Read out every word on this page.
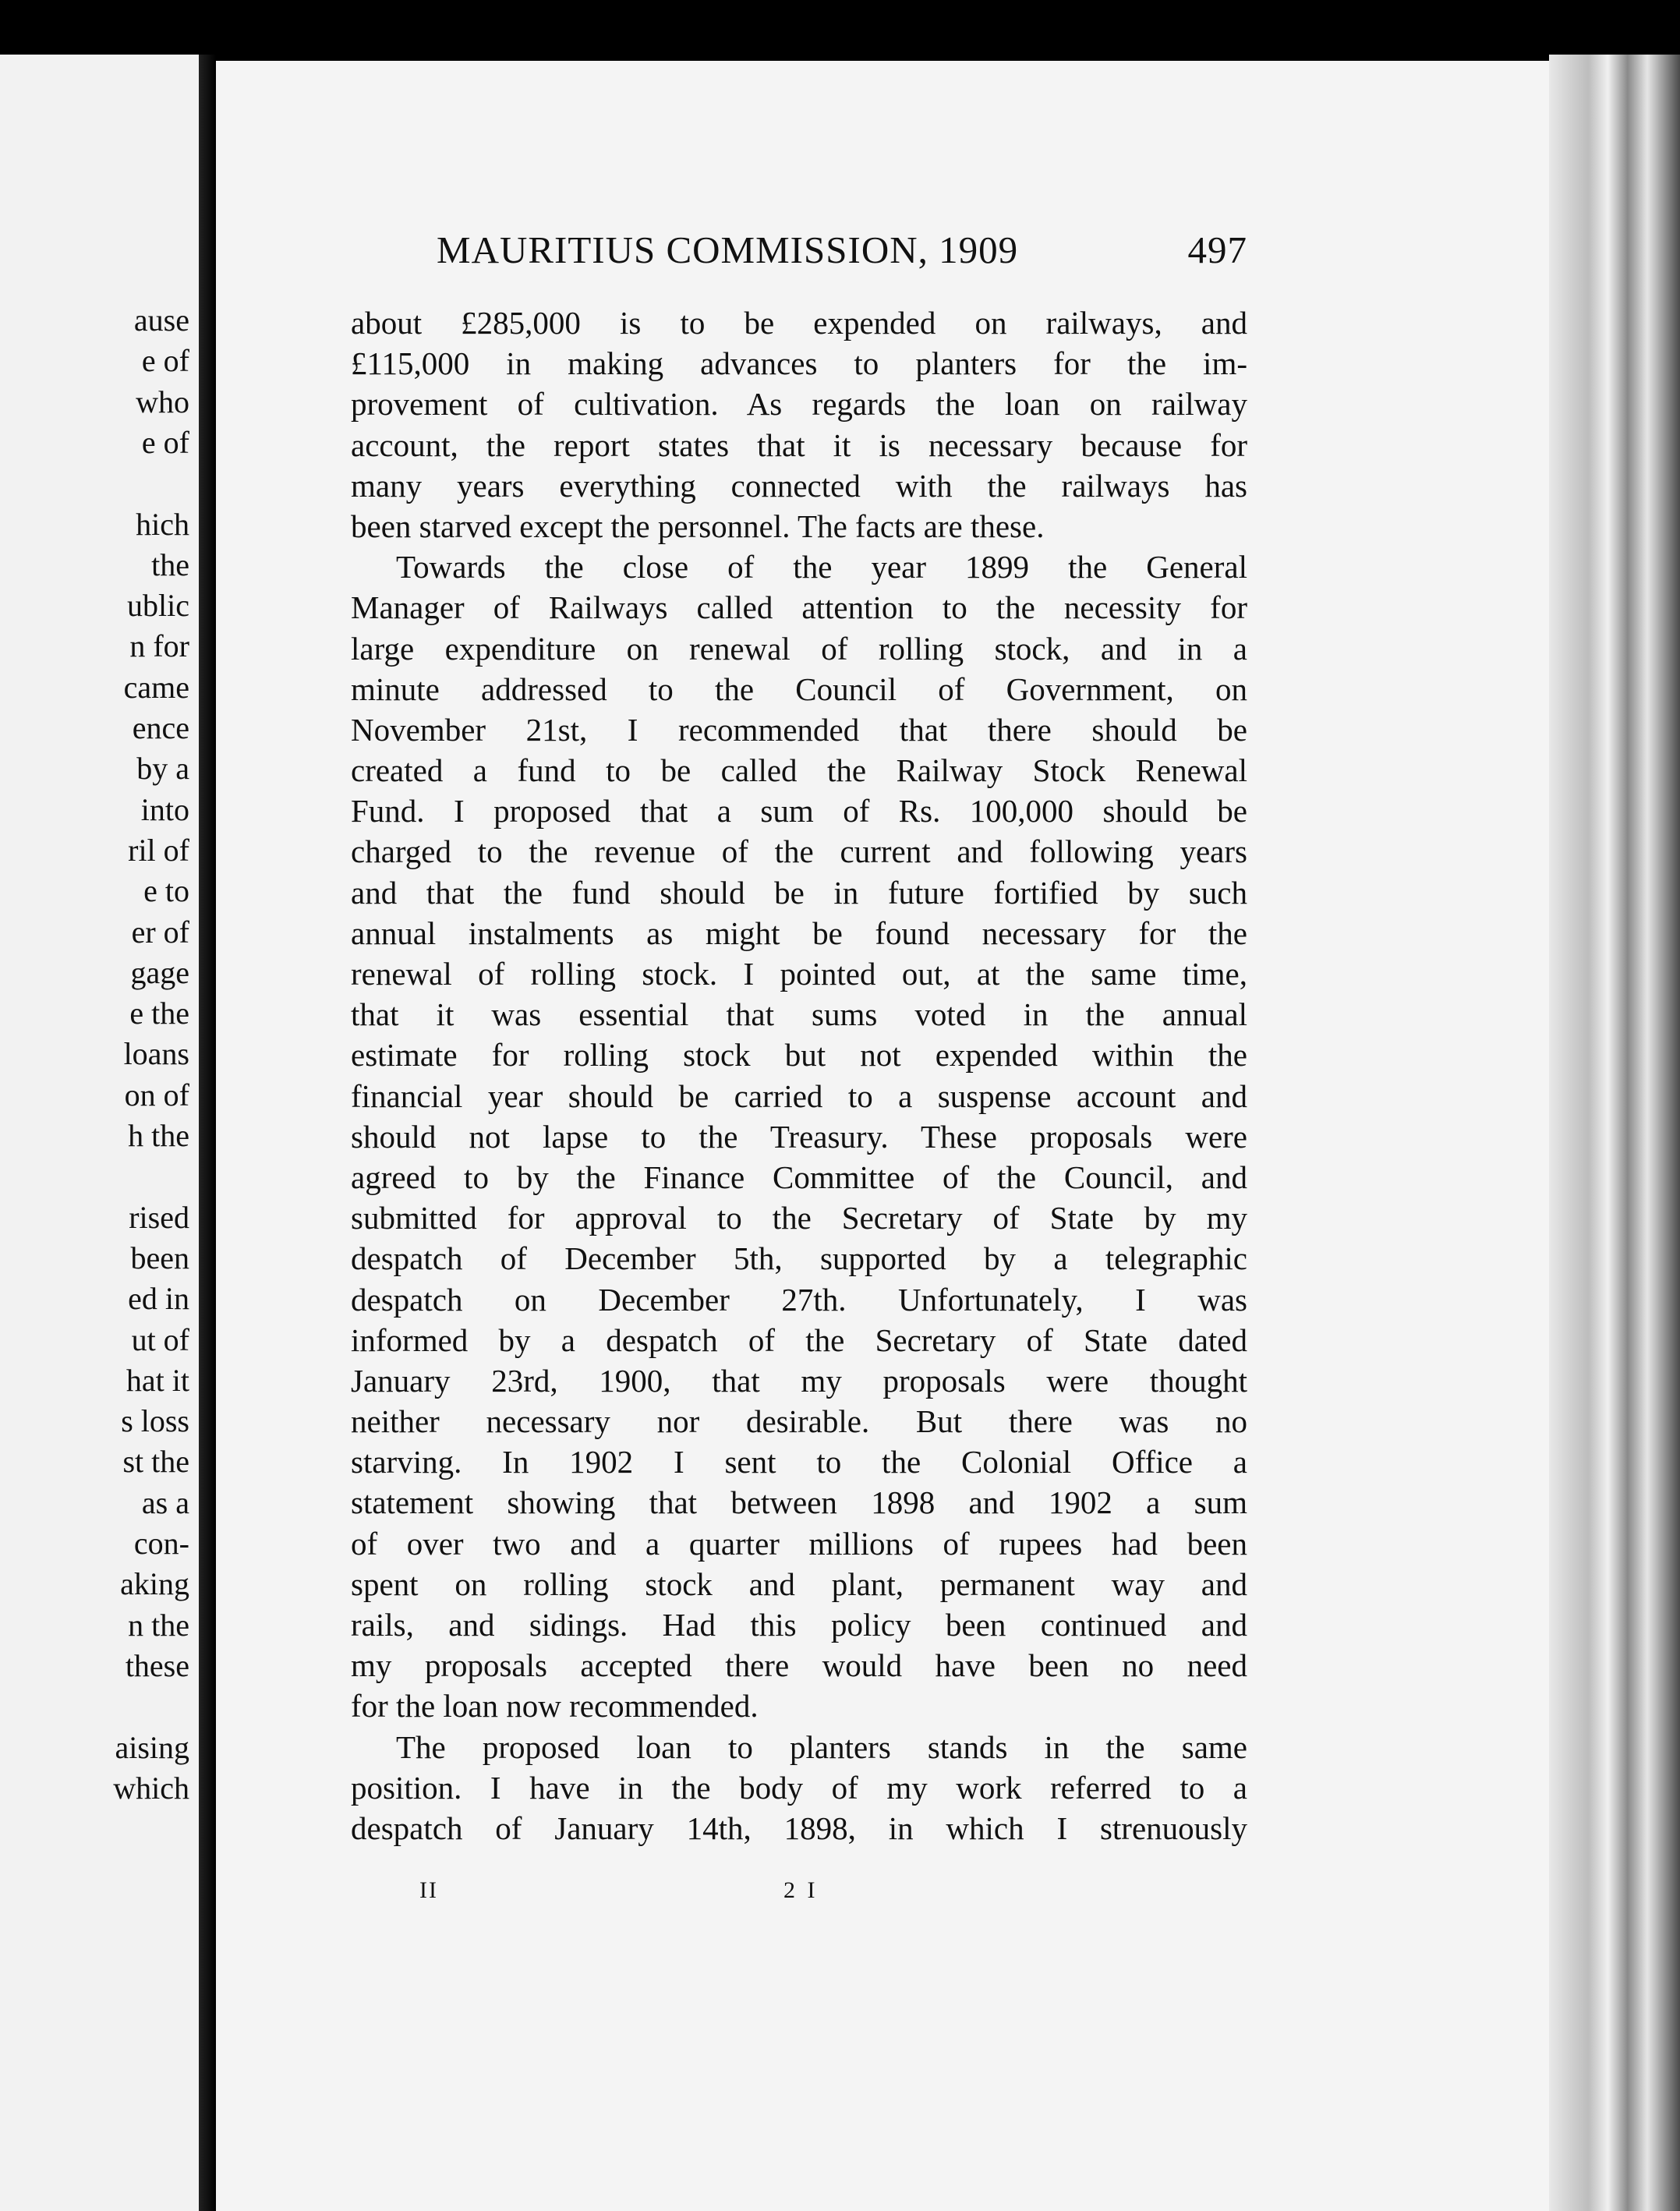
ause
e of
who
e of
hich
the
ublic
n for
came
ence
by a
into
ril of
e to
er of
gage
e the
loans
on of
h the
rised
been
ed in
ut of
hat it
s loss
st the
as a
con-
aking
n the
these
aising
which
MAURITIUS COMMISSION, 1909	497
about £285,000 is to be expended on railways, and
£115,000 in making advances to planters for the im-
provement of cultivation. As regards the loan on railway
account, the report states that it is necessary because for
many years everything connected with the railways has
been starved except the personnel. The facts are these.
Towards the close of the year 1899 the General
Manager of Railways called attention to the necessity for
large expenditure on renewal of rolling stock, and in a
minute addressed to the Council of Government, on
November 21st, I recommended that there should be
created a fund to be called the Railway Stock Renewal
Fund. I proposed that a sum of Rs. 100,000 should be
charged to the revenue of the current and following years
and that the fund should be in future fortified by such
annual instalments as might be found necessary for the
renewal of rolling stock. I pointed out, at the same time,
that it was essential that sums voted in the annual
estimate for rolling stock but not expended within the
financial year should be carried to a suspense account and
should not lapse to the Treasury. These proposals were
agreed to by the Finance Committee of the Council, and
submitted for approval to the Secretary of State by my
despatch of December 5th, supported by a telegraphic
despatch on December 27th. Unfortunately, I was
informed by a despatch of the Secretary of State dated
January 23rd, 1900, that my proposals were thought
neither necessary nor desirable. But there was no
starving. In 1902 I sent to the Colonial Office a
statement showing that between 1898 and 1902 a sum
of over two and a quarter millions of rupees had been
spent on rolling stock and plant, permanent way and
rails, and sidings. Had this policy been continued and
my proposals accepted there would have been no need
for the loan now recommended.
The proposed loan to planters stands in the same
position. I have in the body of my work referred to a
despatch of January 14th, 1898, in which I strenuously
II	2 I
